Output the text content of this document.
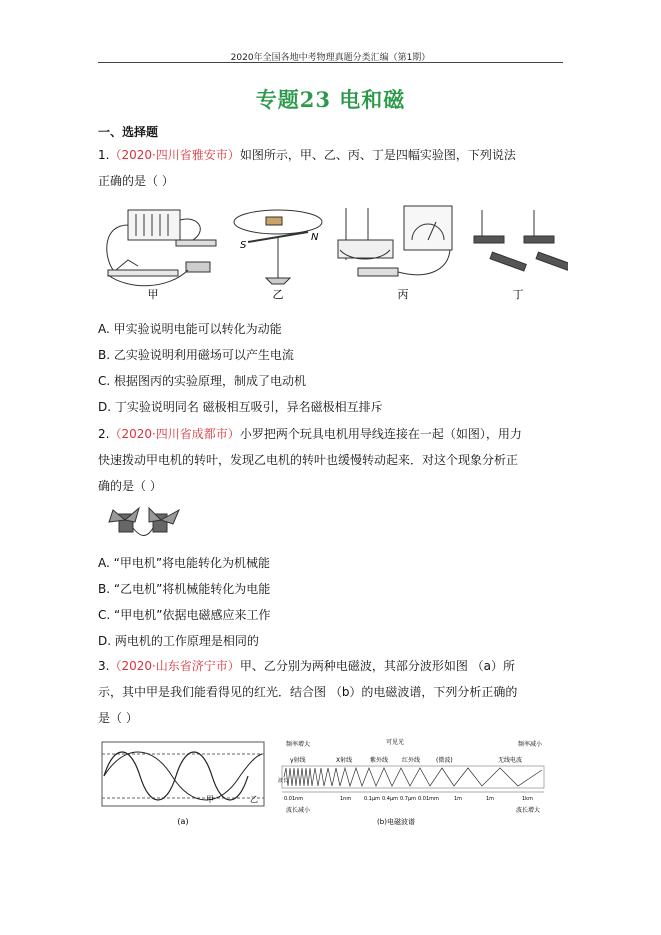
2020年全国各地中考物理真题分类汇编（第1期）
专题23 电和磁
一、选择题
1.（2020·四川省雅安市）如图所示，甲、乙、丙、丁是四幅实验图，下列说法
正确的是（ ）
甲
S
N
乙	丙	丁
A. 甲实验说明电能可以转化为动能
B. 乙实验说明利用磁场可以产生电流
C. 根据图丙的实验原理，制成了电动机
D. 丁实验说明同名 磁极相互吸引，异名磁极相互排斥
2.（2020·四川省成都市）小罗把两个玩具电机用导线连接在一起（如图），用力
快速拨动甲电机的转叶，发现乙电机的转叶也缓慢转动起来．对这个现象分析正
确的是（ ）
A. “甲电机”将电能转化为机械能
B. “乙电机”将机械能转化为电能
C. “甲电机”依据电磁感应来工作
D. 两电机的工作原理是相同的
3.（2020·山东省济宁市）甲、乙分别为两种电磁波，其部分波形如图 （a）所
示，其中甲是我们能看得见的红光．结合图 （b）的电磁波谱，下列分析正确的
是（ ）
甲	乙
(a)
频率增大	频率减小
可见光
γ射线	X射线	紫外线 红外线	(微波)	无线电波
0.01nm	1nm	0.1μm 0.4μm 0.7μm 0.01mm	1m	1m	1km
波长减小	波长增大
波长
(b)电磁波谱
